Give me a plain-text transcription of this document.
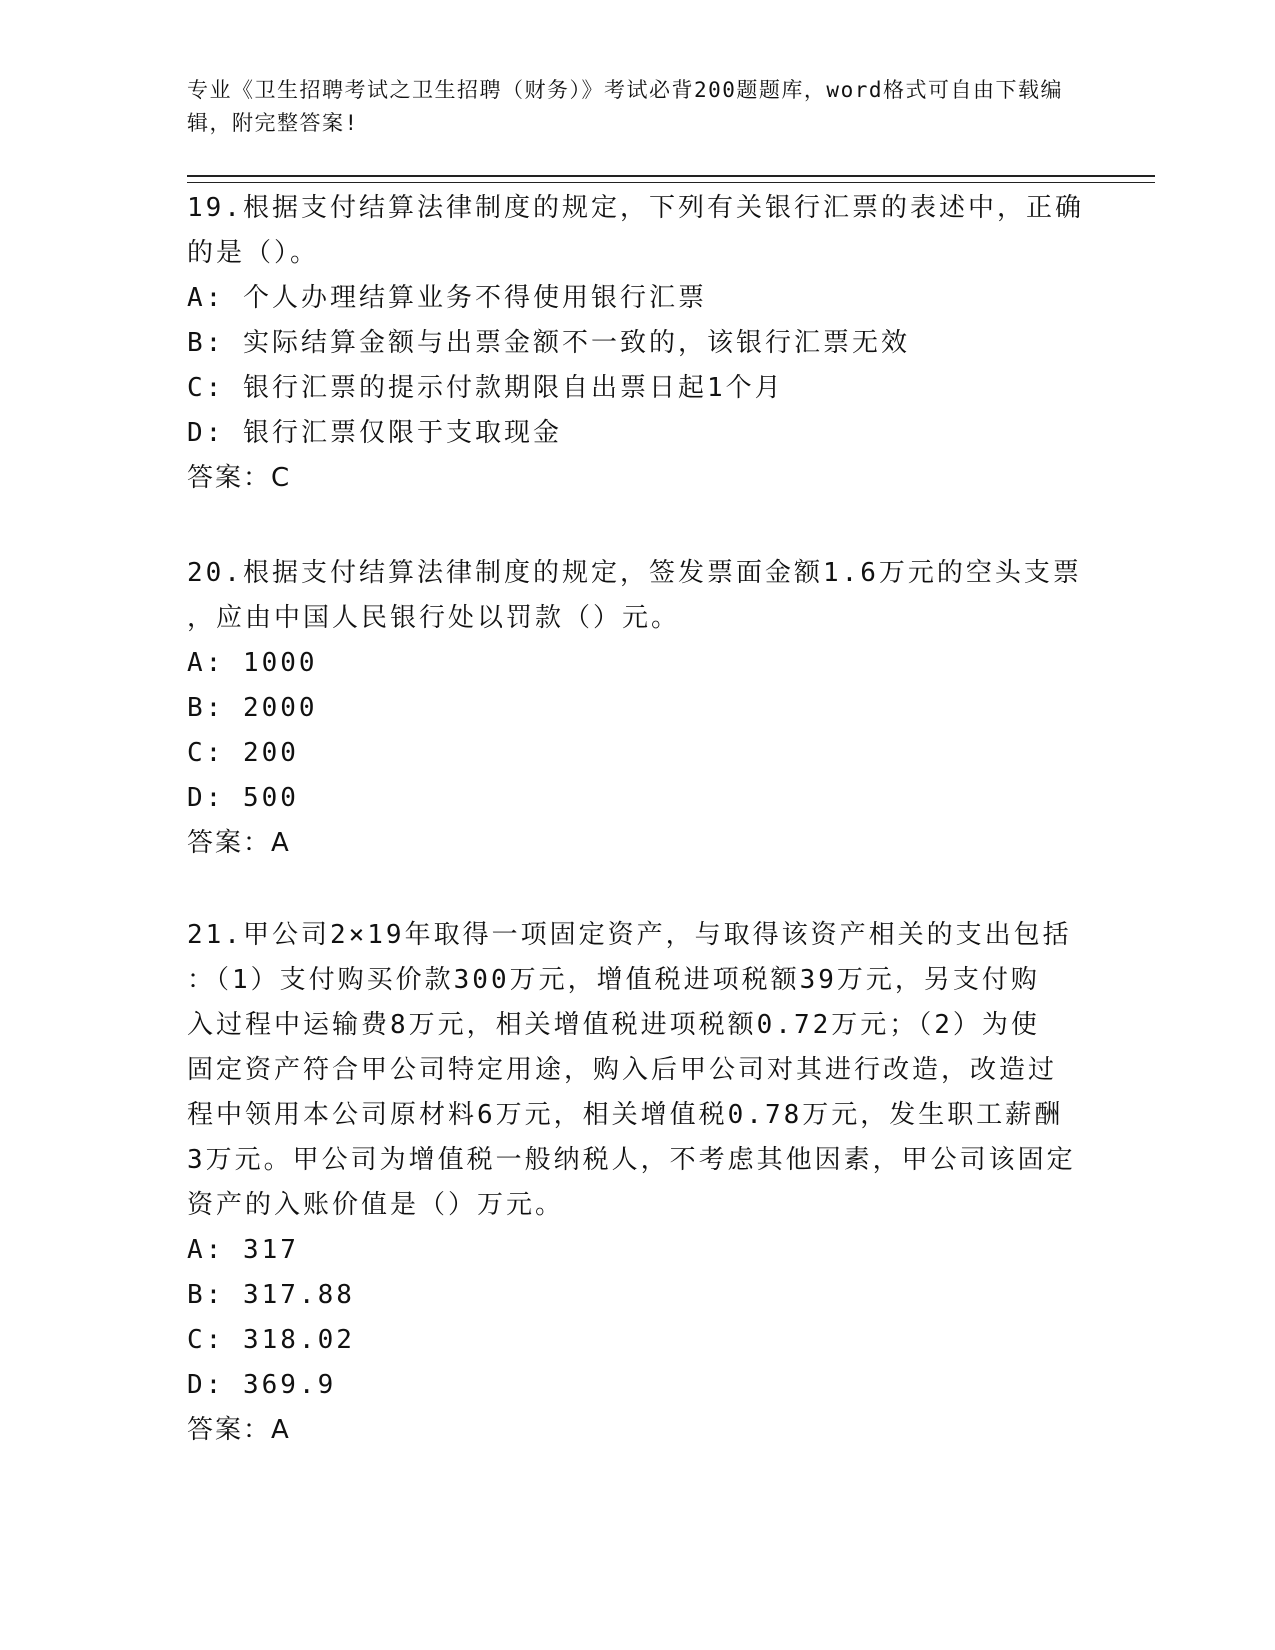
专业《卫生招聘考试之卫生招聘（财务）》考试必背200题题库，word格式可自由下载编辑，附完整答案!

19.根据支付结算法律制度的规定，下列有关银行汇票的表述中，正确

的是（）。

A: 个人办理结算业务不得使用银行汇票

B: 实际结算金额与出票金额不一致的，该银行汇票无效

C: 银行汇票的提示付款期限自出票日起1个月

D: 银行汇票仅限于支取现金

答案：C

20.根据支付结算法律制度的规定，签发票面金额1.6万元的空头支票

，应由中国人民银行处以罚款（）元。

A: 1000

B: 2000

C: 200

D: 500

答案：A

21.甲公司2×19年取得一项固定资产，与取得该资产相关的支出包括

：（1）支付购买价款300万元，增值税进项税额39万元，另支付购

入过程中运输费8万元，相关增值税进项税额0.72万元；（2）为使

固定资产符合甲公司特定用途，购入后甲公司对其进行改造，改造过

程中领用本公司原材料6万元，相关增值税0.78万元，发生职工薪酬

3万元。甲公司为增值税一般纳税人，不考虑其他因素，甲公司该固定

资产的入账价值是（）万元。

A: 317

B: 317.88

C: 318.02

D: 369.9

答案：A
